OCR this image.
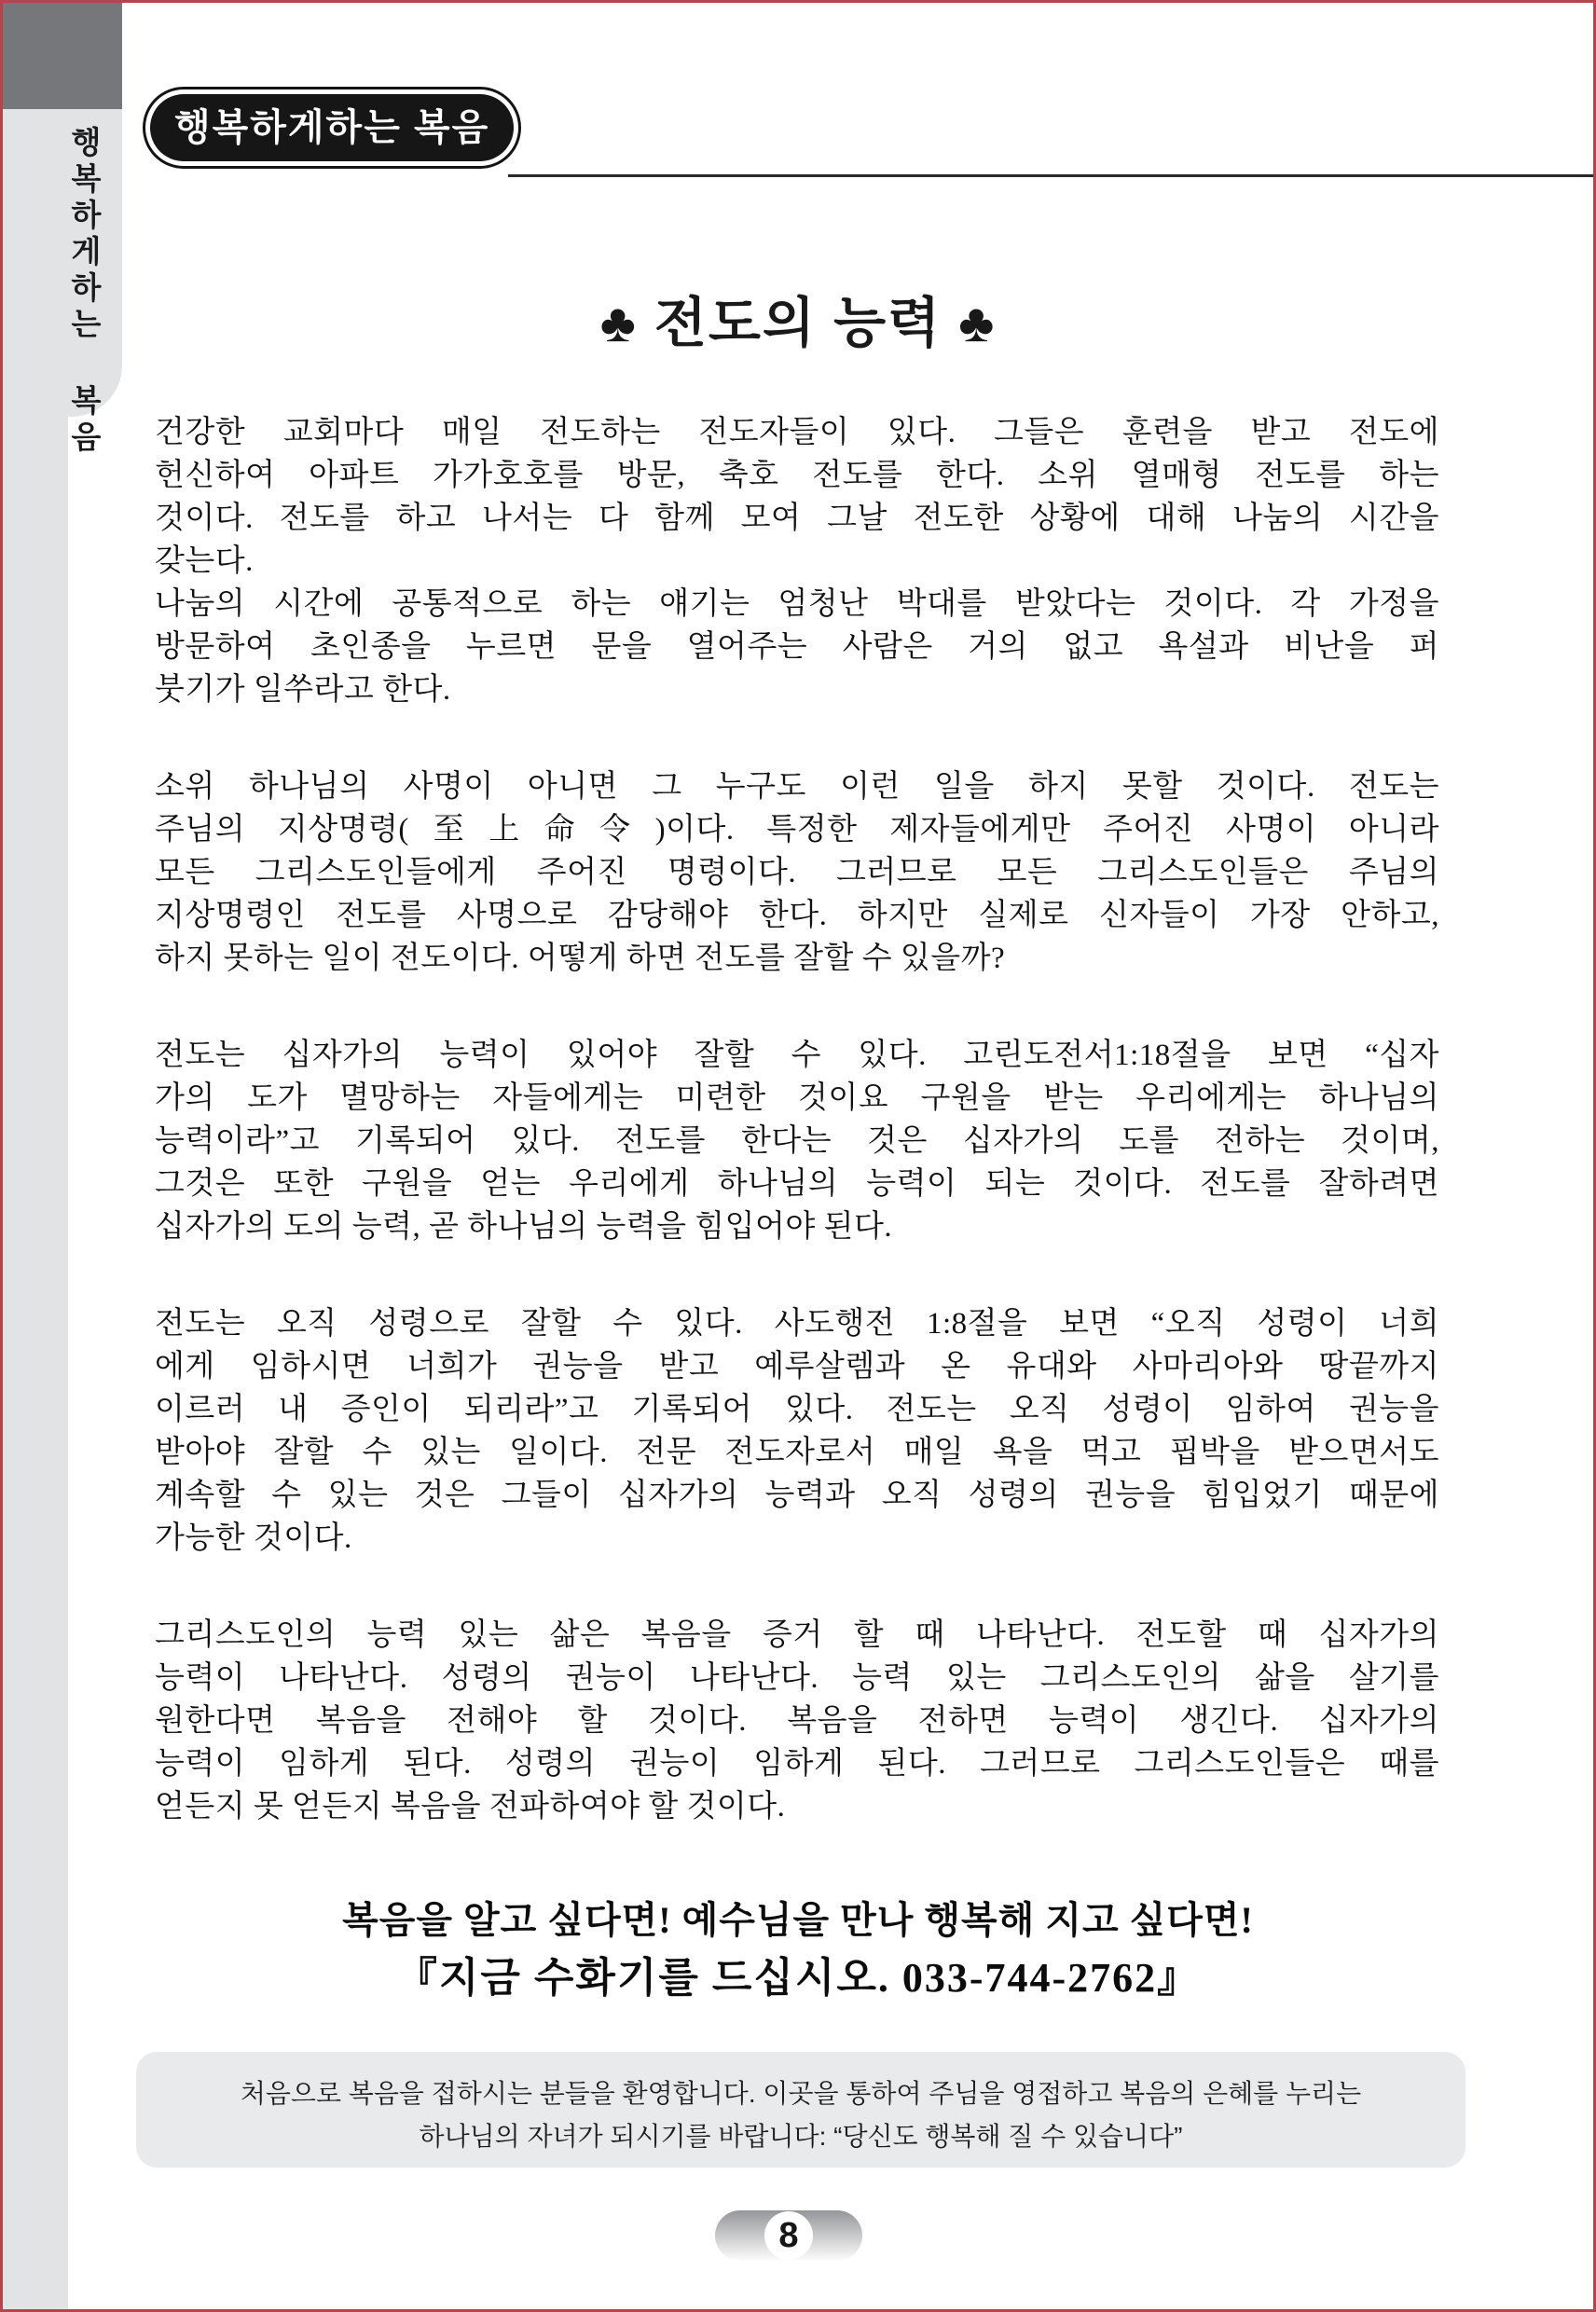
행복하게하는 복음	행복하게하는 복음
♣ 전도의 능력 ♣
건강한 교회마다 매일 전도하는 전도자들이 있다. 그들은 훈련을 받고 전도에
헌신하여 아파트 가가호호를 방문, 축호 전도를 한다. 소위 열매형 전도를 하는
것이다. 전도를 하고 나서는 다 함께 모여 그날 전도한 상황에 대해 나눔의 시간을
갖는다.
나눔의 시간에 공통적으로 하는 얘기는 엄청난 박대를 받았다는 것이다. 각 가정을
방문하여 초인종을 누르면 문을 열어주는 사람은 거의 없고 욕설과 비난을 퍼
붓기가 일쑤라고 한다.
소위 하나님의 사명이 아니면 그 누구도 이런 일을 하지 못할 것이다. 전도는
주님의 지상명령(至上命令)이다. 특정한 제자들에게만 주어진 사명이 아니라
모든 그리스도인들에게 주어진 명령이다. 그러므로 모든 그리스도인들은 주님의
지상명령인 전도를 사명으로 감당해야 한다. 하지만 실제로 신자들이 가장 안하고,
하지 못하는 일이 전도이다. 어떻게 하면 전도를 잘할 수 있을까?
전도는 십자가의 능력이 있어야 잘할 수 있다. 고린도전서1:18절을 보면 “십자
가의 도가 멸망하는 자들에게는 미련한 것이요 구원을 받는 우리에게는 하나님의
능력이라”고 기록되어 있다. 전도를 한다는 것은 십자가의 도를 전하는 것이며,
그것은 또한 구원을 얻는 우리에게 하나님의 능력이 되는 것이다. 전도를 잘하려면
십자가의 도의 능력, 곧 하나님의 능력을 힘입어야 된다.
전도는 오직 성령으로 잘할 수 있다. 사도행전 1:8절을 보면 “오직 성령이 너희
에게 임하시면 너희가 권능을 받고 예루살렘과 온 유대와 사마리아와 땅끝까지
이르러 내 증인이 되리라”고 기록되어 있다. 전도는 오직 성령이 임하여 권능을
받아야 잘할 수 있는 일이다. 전문 전도자로서 매일 욕을 먹고 핍박을 받으면서도
계속할 수 있는 것은 그들이 십자가의 능력과 오직 성령의 권능을 힘입었기 때문에
가능한 것이다.
그리스도인의 능력 있는 삶은 복음을 증거 할 때 나타난다. 전도할 때 십자가의
능력이 나타난다. 성령의 권능이 나타난다. 능력 있는 그리스도인의 삶을 살기를
원한다면 복음을 전해야 할 것이다. 복음을 전하면 능력이 생긴다. 십자가의
능력이 임하게 된다. 성령의 권능이 임하게 된다. 그러므로 그리스도인들은 때를
얻든지 못 얻든지 복음을 전파하여야 할 것이다.
복음을 알고 싶다면! 예수님을 만나 행복해 지고 싶다면!
『지금 수화기를 드십시오. 033-744-2762』
처음으로 복음을 접하시는 분들을 환영합니다. 이곳을 통하여 주님을 영접하고 복음의 은혜를 누리는
하나님의 자녀가 되시기를 바랍니다: “당신도 행복해 질 수 있습니다”
8
